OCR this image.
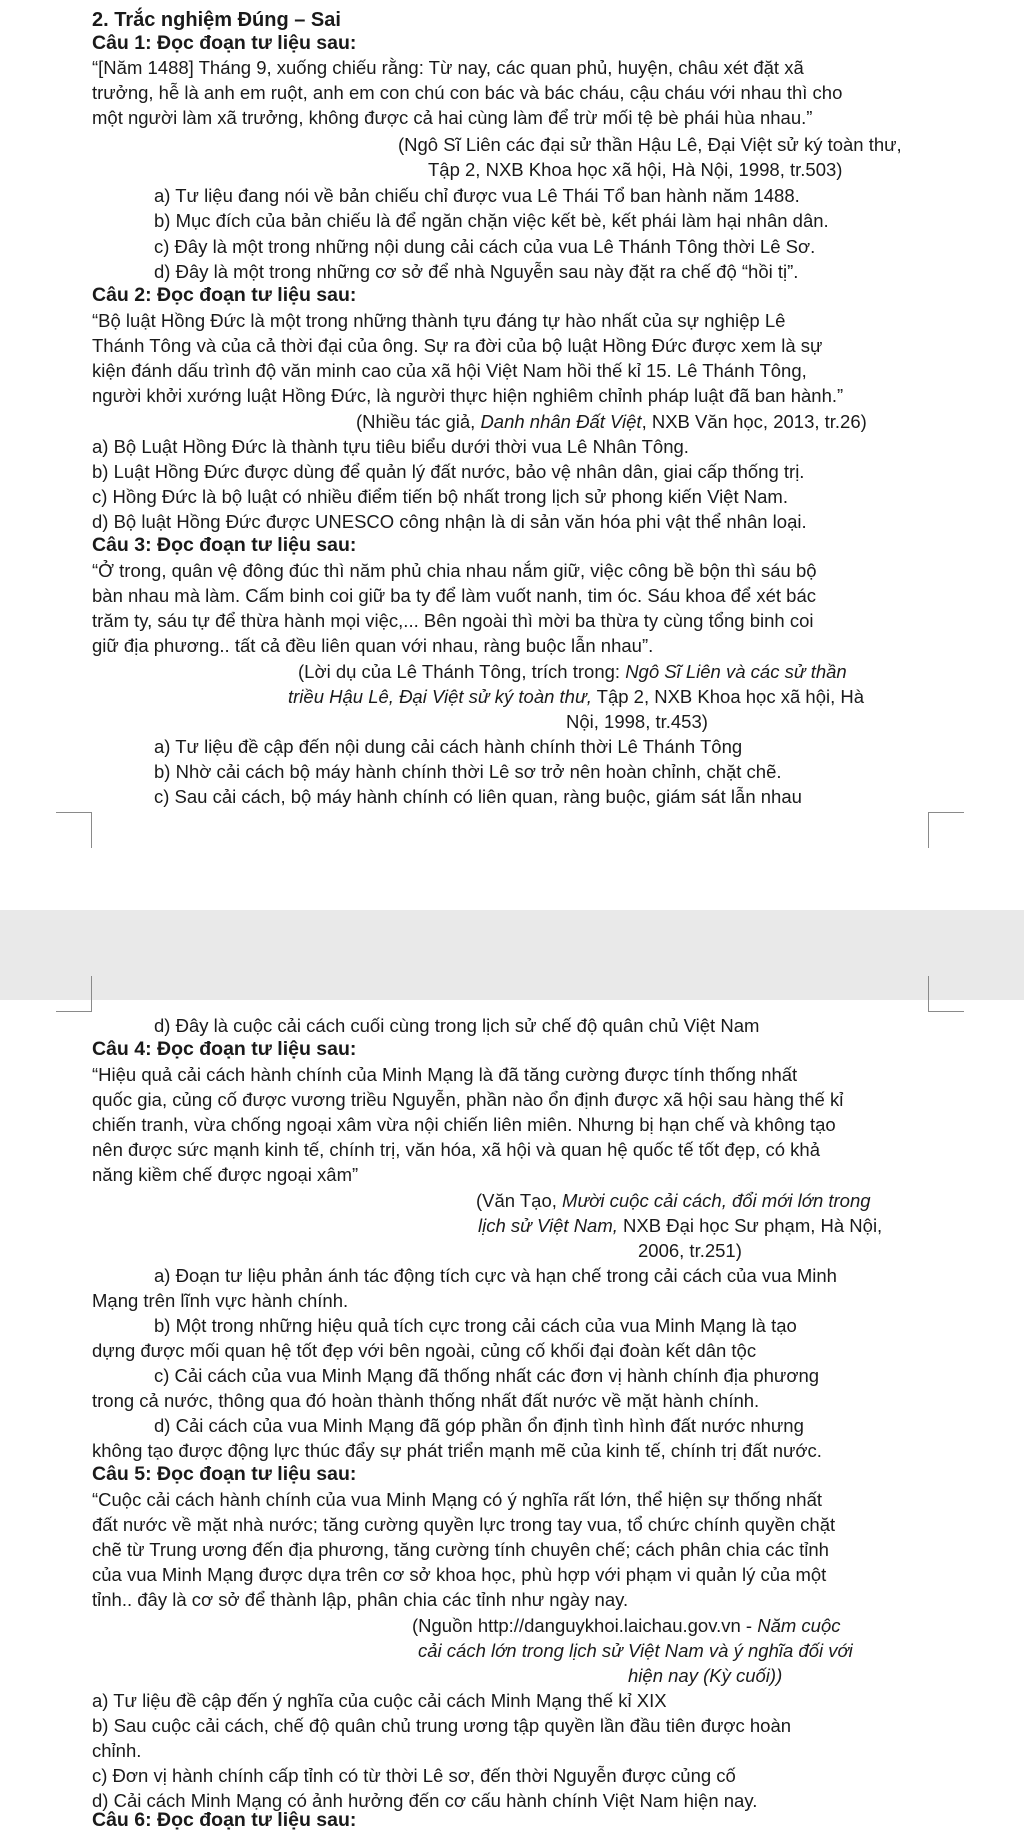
2. Trắc nghiệm Đúng – Sai
Câu 1: Đọc đoạn tư liệu sau:
“[Năm 1488] Tháng 9, xuống chiếu rằng: Từ nay, các quan phủ, huyện, châu xét đặt xã
trưởng, hễ là anh em ruột, anh em con chú con bác và bác cháu, cậu cháu với nhau thì cho
một người làm xã trưởng, không được cả hai cùng làm để trừ mối tệ bè phái hùa nhau.”
(Ngô Sĩ Liên các đại sử thần Hậu Lê, Đại Việt sử ký toàn thư,
Tập 2, NXB Khoa học xã hội, Hà Nội, 1998, tr.503)
a) Tư liệu đang nói về bản chiếu chỉ được vua Lê Thái Tổ ban hành năm 1488.
b) Mục đích của bản chiếu là để ngăn chặn việc kết bè, kết phái làm hại nhân dân.
c) Đây là một trong những nội dung cải cách của vua Lê Thánh Tông thời Lê Sơ.
d) Đây là một trong những cơ sở để nhà Nguyễn sau này đặt ra chế độ “hồi tị”.
Câu 2: Đọc đoạn tư liệu sau:
“Bộ luật Hồng Đức là một trong những thành tựu đáng tự hào nhất của sự nghiệp Lê
Thánh Tông và của cả thời đại của ông. Sự ra đời của bộ luật Hồng Đức được xem là sự
kiện đánh dấu trình độ văn minh cao của xã hội Việt Nam hồi thế kỉ 15. Lê Thánh Tông,
người khởi xướng luật Hồng Đức, là người thực hiện nghiêm chỉnh pháp luật đã ban hành.”
(Nhiều tác giả, Danh nhân Đất Việt, NXB Văn học, 2013, tr.26)
a) Bộ Luật Hồng Đức là thành tựu tiêu biểu dưới thời vua Lê Nhân Tông.
b) Luật Hồng Đức được dùng để quản lý đất nước, bảo vệ nhân dân, giai cấp thống trị.
c) Hồng Đức là bộ luật có nhiều điểm tiến bộ nhất trong lịch sử phong kiến Việt Nam.
d) Bộ luật Hồng Đức được UNESCO công nhận là di sản văn hóa phi vật thể nhân loại.
Câu 3: Đọc đoạn tư liệu sau:
“Ở trong, quân vệ đông đúc thì năm phủ chia nhau nắm giữ, việc công bề bộn thì sáu bộ
bàn nhau mà làm. Cấm binh coi giữ ba ty để làm vuốt nanh, tim óc. Sáu khoa để xét bác
trăm ty, sáu tự để thừa hành mọi việc,... Bên ngoài thì mời ba thừa ty cùng tổng binh coi
giữ địa phương.. tất cả đều liên quan với nhau, ràng buộc lẫn nhau”.
(Lời dụ của Lê Thánh Tông, trích trong: Ngô Sĩ Liên và các sử thần
triều Hậu Lê, Đại Việt sử ký toàn thư, Tập 2, NXB Khoa học xã hội, Hà
Nội, 1998, tr.453)
a) Tư liệu đề cập đến nội dung cải cách hành chính thời Lê Thánh Tông
b) Nhờ cải cách bộ máy hành chính thời Lê sơ trở nên hoàn chỉnh, chặt chẽ.
c) Sau cải cách, bộ máy hành chính có liên quan, ràng buộc, giám sát lẫn nhau
d) Đây là cuộc cải cách cuối cùng trong lịch sử chế độ quân chủ Việt Nam
Câu 4: Đọc đoạn tư liệu sau:
“Hiệu quả cải cách hành chính của Minh Mạng là đã tăng cường được tính thống nhất
quốc gia, củng cố được vương triều Nguyễn, phần nào ổn định được xã hội sau hàng thế kỉ
chiến tranh, vừa chống ngoại xâm vừa nội chiến liên miên. Nhưng bị hạn chế và không tạo
nên được sức mạnh kinh tế, chính trị, văn hóa, xã hội và quan hệ quốc tế tốt đẹp, có khả
năng kiềm chế được ngoại xâm”
(Văn Tạo, Mười cuộc cải cách, đổi mới lớn trong
lịch sử Việt Nam, NXB Đại học Sư phạm, Hà Nội,
2006, tr.251)
a) Đoạn tư liệu phản ánh tác động tích cực và hạn chế trong cải cách của vua Minh
Mạng trên lĩnh vực hành chính.
b) Một trong những hiệu quả tích cực trong cải cách của vua Minh Mạng là tạo
dựng được mối quan hệ tốt đẹp với bên ngoài, củng cố khối đại đoàn kết dân tộc
c) Cải cách của vua Minh Mạng đã thống nhất các đơn vị hành chính địa phương
trong cả nước, thông qua đó hoàn thành thống nhất đất nước về mặt hành chính.
d) Cải cách của vua Minh Mạng đã góp phần ổn định tình hình đất nước nhưng
không tạo được động lực thúc đẩy sự phát triển mạnh mẽ của kinh tế, chính trị đất nước.
Câu 5: Đọc đoạn tư liệu sau:
“Cuộc cải cách hành chính của vua Minh Mạng có ý nghĩa rất lớn, thể hiện sự thống nhất
đất nước về mặt nhà nước; tăng cường quyền lực trong tay vua, tổ chức chính quyền chặt
chẽ từ Trung ương đến địa phương, tăng cường tính chuyên chế; cách phân chia các tỉnh
của vua Minh Mạng được dựa trên cơ sở khoa học, phù hợp với phạm vi quản lý của một
tỉnh.. đây là cơ sở để thành lập, phân chia các tỉnh như ngày nay.
(Nguồn http://danguykhoi.laichau.gov.vn - Năm cuộc
cải cách lớn trong lịch sử Việt Nam và ý nghĩa đối với
hiện nay (Kỳ cuối))
a) Tư liệu đề cập đến ý nghĩa của cuộc cải cách Minh Mạng thế kỉ XIX
b) Sau cuộc cải cách, chế độ quân chủ trung ương tập quyền lần đầu tiên được hoàn
chỉnh.
c) Đơn vị hành chính cấp tỉnh có từ thời Lê sơ, đến thời Nguyễn được củng cố
d) Cải cách Minh Mạng có ảnh hưởng đến cơ cấu hành chính Việt Nam hiện nay.
Câu 6: Đọc đoạn tư liệu sau:
